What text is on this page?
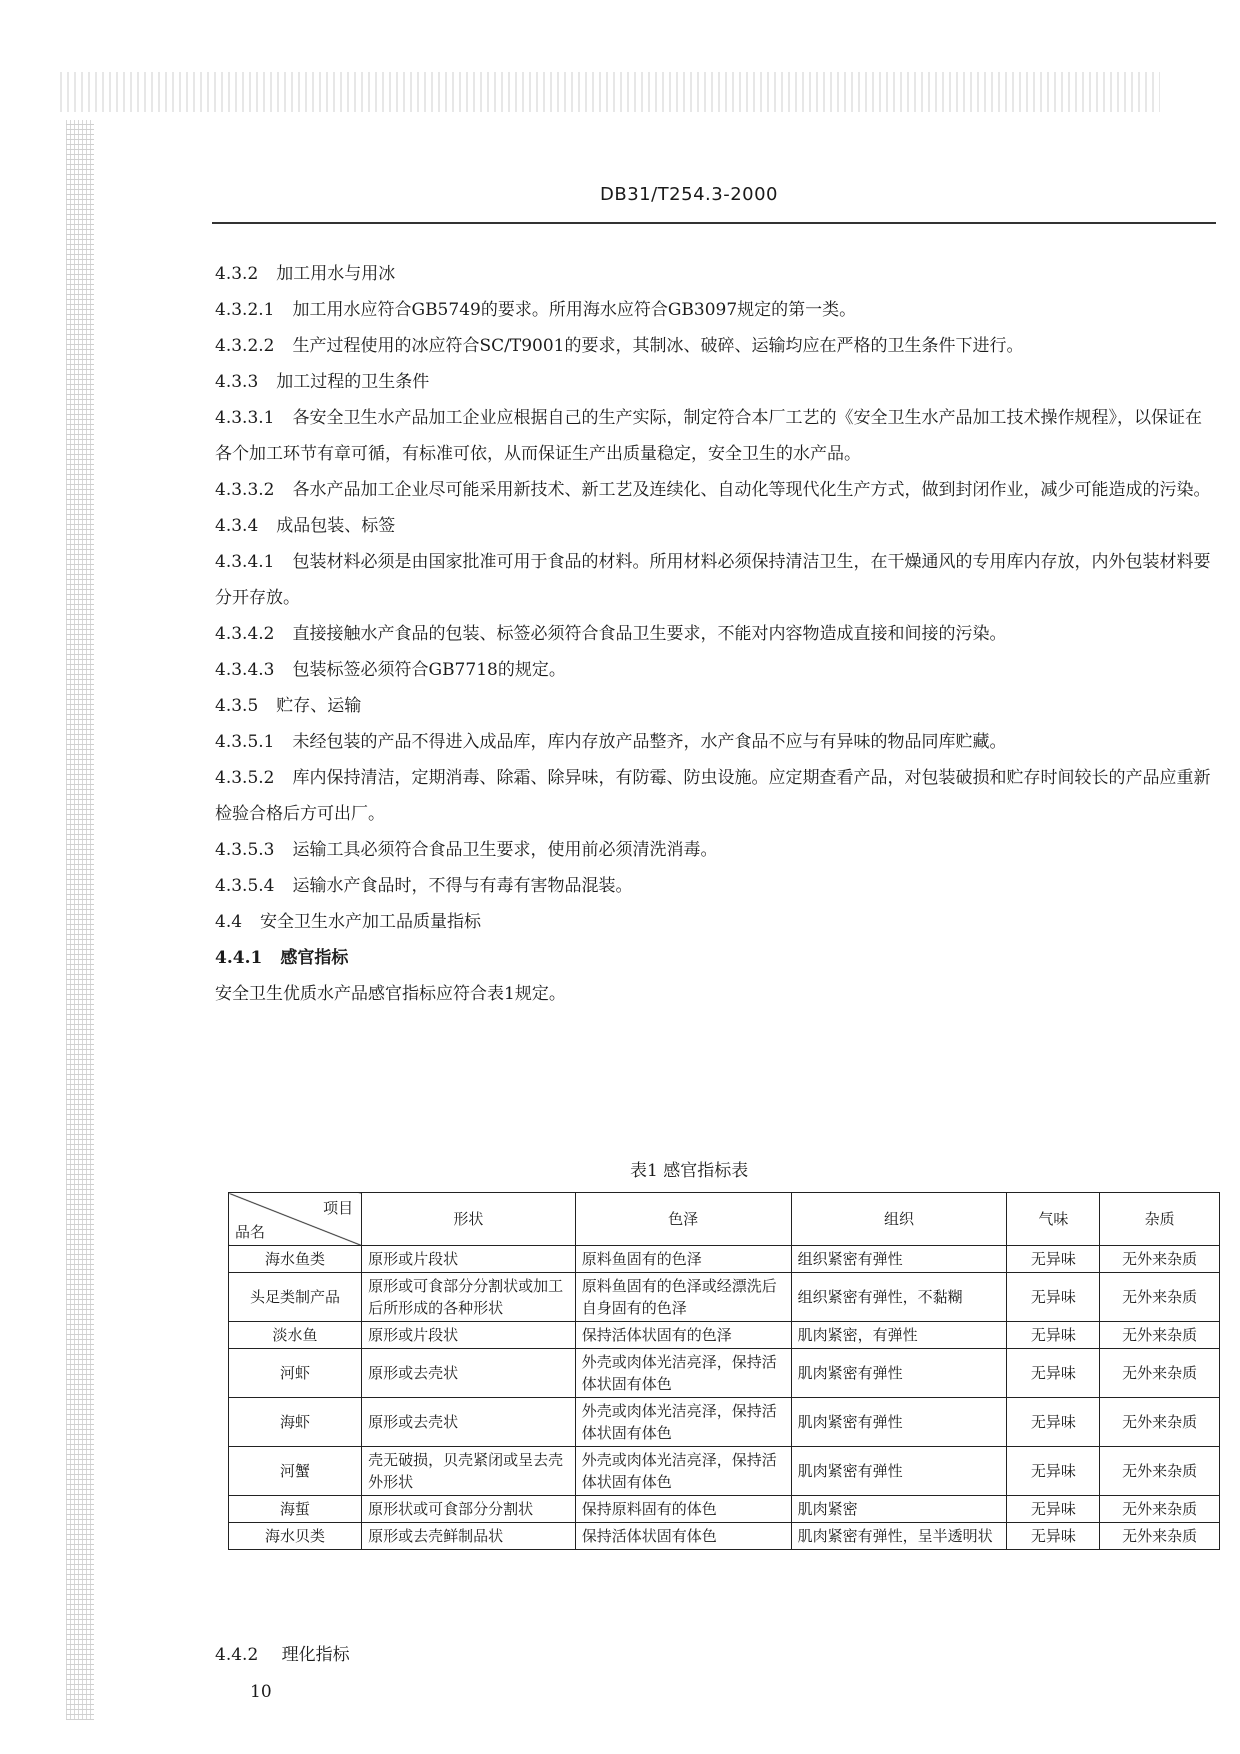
DB31/T254.3-2000

4.3.2 加工用水与用冰

4.3.2.1 加工用水应符合GB5749的要求。所用海水应符合GB3097规定的第一类。

4.3.2.2 生产过程使用的冰应符合SC/T9001的要求，其制冰、破碎、运输均应在严格的卫生条件下进行。

4.3.3 加工过程的卫生条件

4.3.3.1 各安全卫生水产品加工企业应根据自己的生产实际，制定符合本厂工艺的《安全卫生水产品加工技术操作规程》，以保证在各个加工环节有章可循，有标准可依，从而保证生产出质量稳定，安全卫生的水产品。

4.3.3.2 各水产品加工企业尽可能采用新技术、新工艺及连续化、自动化等现代化生产方式，做到封闭作业，减少可能造成的污染。

4.3.4 成品包装、标签

4.3.4.1 包装材料必须是由国家批准可用于食品的材料。所用材料必须保持清洁卫生，在干燥通风的专用库内存放，内外包装材料要分开存放。

4.3.4.2 直接接触水产食品的包装、标签必须符合食品卫生要求，不能对内容物造成直接和间接的污染。

4.3.4.3 包装标签必须符合GB7718的规定。

4.3.5 贮存、运输

4.3.5.1 未经包装的产品不得进入成品库，库内存放产品整齐，水产食品不应与有异味的物品同库贮藏。

4.3.5.2 库内保持清洁，定期消毒、除霜、除异味，有防霉、防虫设施。应定期查看产品，对包装破损和贮存时间较长的产品应重新检验合格后方可出厂。

4.3.5.3 运输工具必须符合食品卫生要求，使用前必须清洗消毒。

4.3.5.4 运输水产食品时，不得与有毒有害物品混装。

4.4 安全卫生水产加工品质量指标

4.4.1 感官指标

安全卫生优质水产品感官指标应符合表1规定。

表1 感官指标表
项目
品名	形状	色泽	组织	气味	杂质
海水鱼类	原形或片段状	原料鱼固有的色泽	组织紧密有弹性	无异味	无外来杂质
头足类制产品	原形或可食部分分割状或加工后所形成的各种形状	原料鱼固有的色泽或经漂洗后自身固有的色泽	组织紧密有弹性，不黏糊	无异味	无外来杂质
淡水鱼	原形或片段状	保持活体状固有的色泽	肌肉紧密，有弹性	无异味	无外来杂质
河虾	原形或去壳状	外壳或肉体光洁亮泽，保持活体状固有体色	肌肉紧密有弹性	无异味	无外来杂质
海虾	原形或去壳状	外壳或肉体光洁亮泽，保持活体状固有体色	肌肉紧密有弹性	无异味	无外来杂质
河蟹	壳无破损，贝壳紧闭或呈去壳外形状	外壳或肉体光洁亮泽，保持活体状固有体色	肌肉紧密有弹性	无异味	无外来杂质
海蜇	原形状或可食部分分割状	保持原料固有的体色	肌肉紧密	无异味	无外来杂质
海水贝类	原形或去壳鲜制品状	保持活体状固有体色	肌肉紧密有弹性，呈半透明状	无异味	无外来杂质
4.4.2 理化指标
10
